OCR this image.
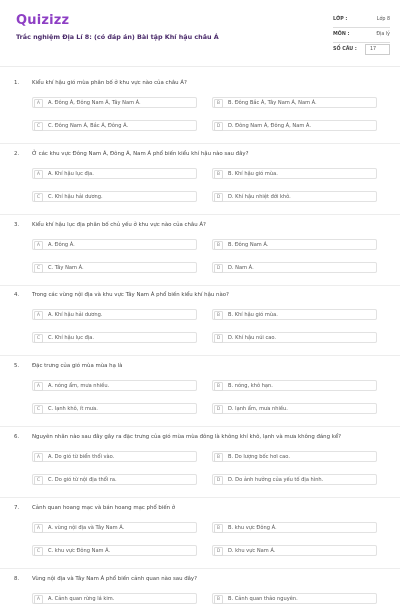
Quizizz
Trắc nghiệm Địa Lí 8: (có đáp án) Bài tập Khí hậu châu Á
LỚP :	Lớp 8
MÔN :	Địa lý
SỐ CÂU :	17
1. Kiểu khí hậu gió mùa phân bố ở khu vực nào của châu Á?
A	A. Đông Á, Đông Nam Á, Tây Nam Á.	B	B. Đông Bắc Á, Tây Nam Á, Nam Á.
C	C. Đông Nam Á, Bắc Á, Đông Á.	D	D. Đông Nam Á, Đông Á, Nam Á.
2. Ở các khu vực Đông Nam Á, Đông Á, Nam Á phổ biến kiểu khí hậu nào sau đây?
A	A. Khí hậu lục địa.	B	B. Khí hậu gió mùa.
C	C. Khí hậu hải dương.	D	D. Khí hậu nhiệt đới khô.
3. Kiểu khí hậu lục địa phân bố chủ yếu ở khu vực nào của châu Á?
A	A. Đông Á.	B	B. Đông Nam Á.
C	C. Tây Nam Á.	D	D. Nam Á.
4. Trong các vùng nội địa và khu vực Tây Nam Á phổ biến kiểu khí hậu nào?
A	A. Khí hậu hải dương.	B	B. Khí hậu gió mùa.
C	C. Khí hậu lục địa.	D	D. Khí hậu núi cao.
5. Đặc trưng của gió mùa mùa hạ là
A	A. nóng ẩm, mưa nhiều.	B	B. nóng, khô hạn.
C	C. lạnh khô, ít mưa.	D	D. lạnh ẩm, mưa nhiều.
6. Nguyên nhân nào sau đây gây ra đặc trưng của gió mùa mùa đông là không khí khô, lạnh và mưa không đáng kể?
A	A. Do gió từ biển thổi vào.	B	B. Do lượng bốc hơi cao.
C	C. Do gió từ nội địa thổi ra.	D	D. Do ảnh hưởng của yếu tố địa hình.
7. Cảnh quan hoang mạc và bán hoang mạc phổ biến ở
A	A. vùng nội địa và Tây Nam Á.	B	B. khu vực Đông Á.
C	C. khu vực Đông Nam Á.	D	D. khu vực Nam Á.
8. Vùng nội địa và Tây Nam Á phổ biến cảnh quan nào sau đây?
A	A. Cảnh quan rừng lá kim.	B	B. Cảnh quan thảo nguyên.
